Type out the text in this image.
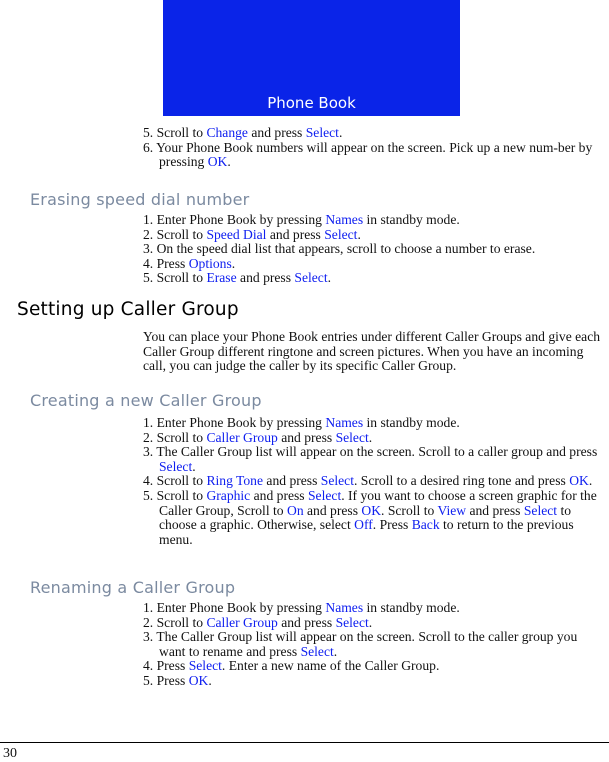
Phone Book
5. Scroll to Change and press Select.
6. Your Phone Book numbers will appear on the screen. Pick up a new num-ber by pressing OK.
Erasing speed dial number
1. Enter Phone Book by pressing Names in standby mode.
2. Scroll to Speed Dial and press Select.
3. On the speed dial list that appears, scroll to choose a number to erase.
4. Press Options.
5. Scroll to Erase and press Select.
Setting up Caller Group

You can place your Phone Book entries under different Caller Groups and give each Caller Group different ringtone and screen pictures. When you have an incoming call, you can judge the caller by its specific Caller Group.

Creating a new Caller Group
1. Enter Phone Book by pressing Names in standby mode.
2. Scroll to Caller Group and press Select.
3. The Caller Group list will appear on the screen. Scroll to a caller group and press Select.
4. Scroll to Ring Tone and press Select. Scroll to a desired ring tone and press OK.
5. Scroll to Graphic and press Select. If you want to choose a screen graphic for the Caller Group, Scroll to On and press OK. Scroll to View and press Select to choose a graphic. Otherwise, select Off. Press Back to return to the previous menu.
Renaming a Caller Group
1. Enter Phone Book by pressing Names in standby mode.
2. Scroll to Caller Group and press Select.
3. The Caller Group list will appear on the screen. Scroll to the caller group you want to rename and press Select.
4. Press Select. Enter a new name of the Caller Group.
5. Press OK.
30
